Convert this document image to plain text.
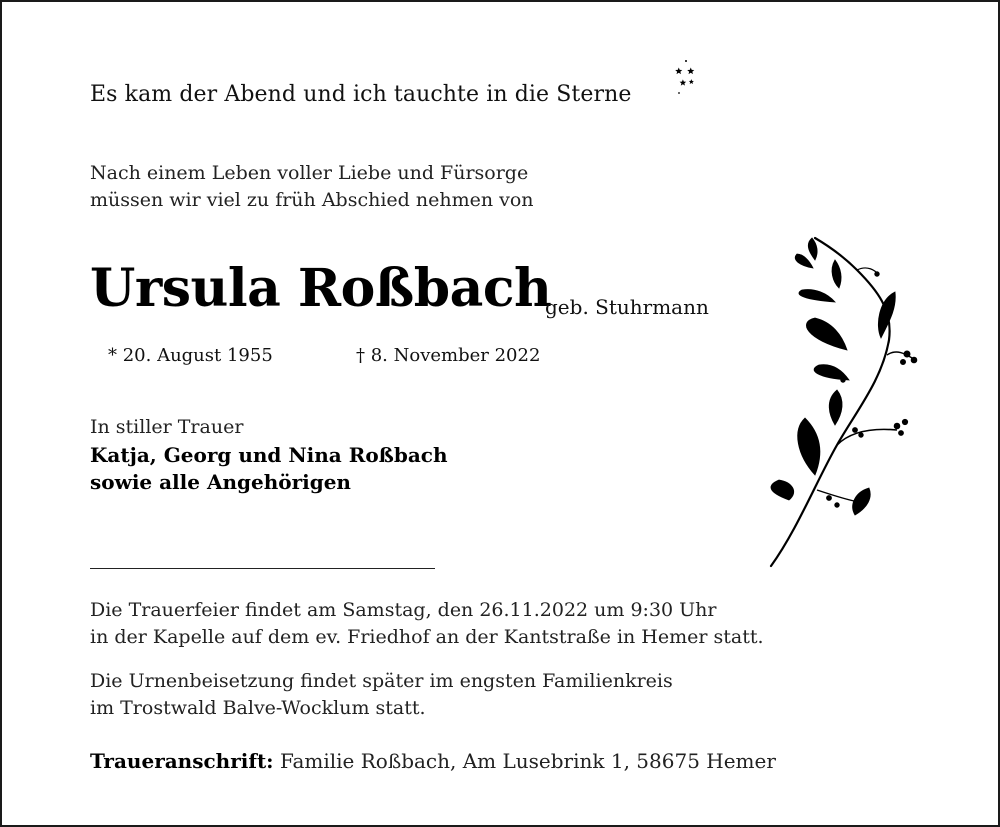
Es kam der Abend und ich tauchte in die Sterne
Nach einem Leben voller Liebe und Fürsorge
müssen wir viel zu früh Abschied nehmen von
Ursula Roßbach
geb. Stuhrmann
* 20. August 1955	† 8. November 2022
In stiller Trauer
Katja, Georg und Nina Roßbach
sowie alle Angehörigen
Die Trauerfeier findet am Samstag, den 26.11.2022 um 9:30 Uhr
in der Kapelle auf dem ev. Friedhof an der Kantstraße in Hemer statt.
Die Urnenbeisetzung findet später im engsten Familienkreis
im Trostwald Balve-Wocklum statt.
Traueranschrift: Familie Roßbach, Am Lusebrink 1, 58675 Hemer
